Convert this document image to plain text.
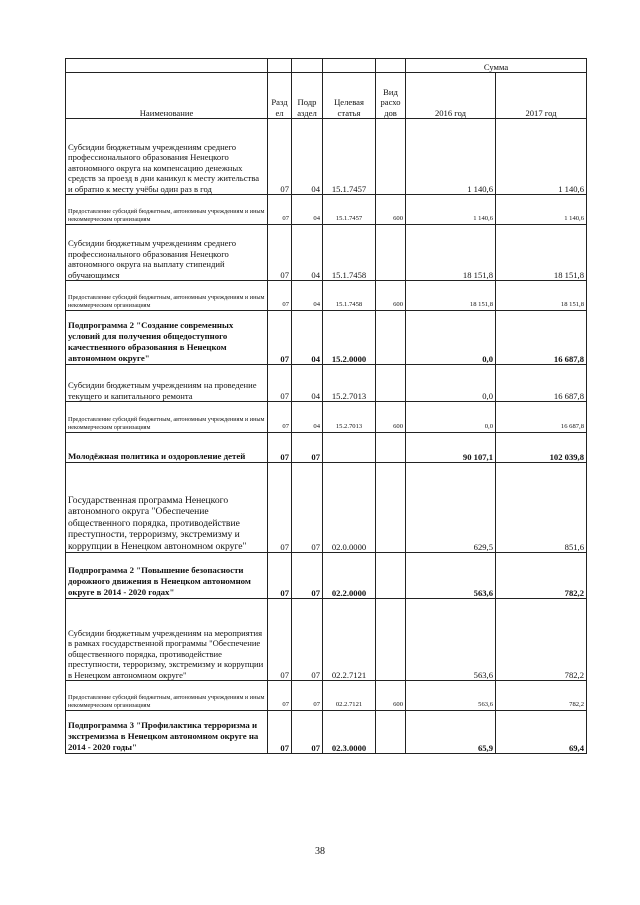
					Сумма	
Наименование	Разд ел	Подр аздел	Целевая статья	Вид расхо дов	2016 год	2017 год
Субсидии бюджетным учреждениям среднего профессионального образования Ненецкого автономного округа на компенсацию денежных средств за проезд в дни каникул к месту жительства и обратно к месту учёбы один раз в год	07	04	15.1.7457		1 140,6	1 140,6
Предоставление субсидий бюджетным, автономным учреждениям и иным некоммерческим организациям	07	04	15.1.7457	600	1 140,6	1 140,6
Субсидии бюджетным учреждениям среднего профессионального образования Ненецкого автономного округа на выплату стипендий обучающимся	07	04	15.1.7458		18 151,8	18 151,8
Предоставление субсидий бюджетным, автономным учреждениям и иным некоммерческим организациям	07	04	15.1.7458	600	18 151,8	18 151,8
Подпрограмма 2 "Создание современных условий для получения общедоступного качественного образования в Ненецком автономном округе"	07	04	15.2.0000		0,0	16 687,8
Субсидии бюджетным учреждениям на проведение текущего и капитального ремонта	07	04	15.2.7013		0,0	16 687,8
Предоставление субсидий бюджетным, автономным учреждениям и иным некоммерческим организациям	07	04	15.2.7013	600	0,0	16 687,8
Молодёжная политика и оздоровление детей	07	07			90 107,1	102 039,8
Государственная программа Ненецкого автономного округа "Обеспечение общественного порядка, противодействие преступности, терроризму, экстремизму и коррупции в Ненецком автономном округе"	07	07	02.0.0000		629,5	851,6
Подпрограмма 2 "Повышение безопасности дорожного движения в Ненецком автономном округе в 2014 - 2020 годах"	07	07	02.2.0000		563,6	782,2
Субсидии бюджетным учреждениям на мероприятия в рамках государственной программы "Обеспечение общественного порядка, противодействие преступности, терроризму, экстремизму и коррупции в Ненецком автономном округе"	07	07	02.2.7121		563,6	782,2
Предоставление субсидий бюджетным, автономным учреждениям и иным некоммерческим организациям	07	07	02.2.7121	600	563,6	782,2
Подпрограмма 3 "Профилактика терроризма и экстремизма в Ненецком автономном округе на 2014 - 2020 годы"	07	07	02.3.0000		65,9	69,4
38
